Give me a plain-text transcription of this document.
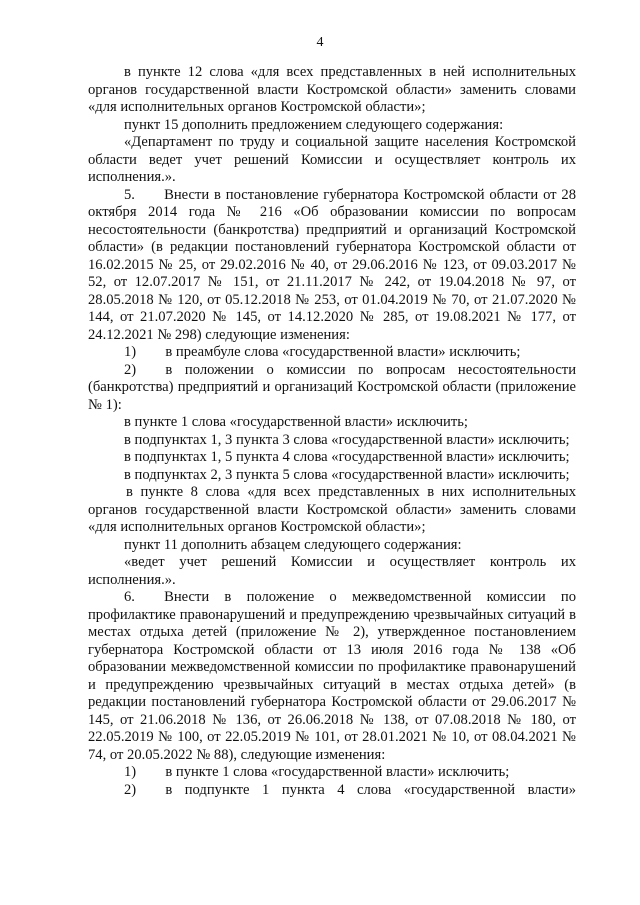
4

в пункте 12 слова «для всех представленных в ней исполнительных органов государственной власти Костромской области» заменить словами «для исполнительных органов Костромской области»;

пункт 15 дополнить предложением следующего содержания:

«Департамент по труду и социальной защите населения Костромской области ведет учет решений Комиссии и осуществляет контроль их исполнения.».

5.  Внести в постановление губернатора Костромской области от 28 октября 2014 года № 216 «Об образовании комиссии по вопросам несостоятельности (банкротства) предприятий и организаций Костромской области» (в редакции постановлений губернатора Костромской области от 16.02.2015 № 25, от 29.02.2016 № 40, от 29.06.2016 № 123, от 09.03.2017 № 52, от 12.07.2017 № 151, от 21.11.2017 № 242, от 19.04.2018 № 97, от 28.05.2018 № 120, от 05.12.2018 № 253, от 01.04.2019 № 70, от 21.07.2020 № 144, от 21.07.2020 № 145, от 14.12.2020 № 285, от 19.08.2021 № 177, от 24.12.2021 № 298) следующие изменения:

1)  в преамбуле слова «государственной власти» исключить;

2)  в положении о комиссии по вопросам несостоятельности (банкротства) предприятий и организаций Костромской области (приложение № 1):

в пункте 1 слова «государственной власти» исключить;

в подпунктах 1, 3 пункта 3 слова «государственной власти» исключить;

в подпунктах 1, 5 пункта 4 слова «государственной власти» исключить;

в подпунктах 2, 3 пункта 5 слова «государственной власти» исключить;

в пункте 8 слова «для всех представленных в них исполнительных органов государственной власти Костромской области» заменить словами «для исполнительных органов Костромской области»;

пункт 11 дополнить абзацем следующего содержания:

«ведет учет решений Комиссии и осуществляет контроль их исполнения.».

6.  Внести в положение о межведомственной комиссии по профилактике правонарушений и предупреждению чрезвычайных ситуаций в местах отдыха детей (приложение № 2), утвержденное постановлением губернатора Костромской области от 13 июля 2016 года № 138 «Об образовании межведомственной комиссии по профилактике правонарушений и предупреждению чрезвычайных ситуаций в местах отдыха детей» (в редакции постановлений губернатора Костромской области от 29.06.2017 № 145, от 21.06.2018 № 136, от 26.06.2018 № 138, от 07.08.2018 № 180, от 22.05.2019 № 100, от 22.05.2019 № 101, от 28.01.2021 № 10, от 08.04.2021 № 74, от 20.05.2022 № 88), следующие изменения:

1)  в пункте 1 слова «государственной власти» исключить;

2)  в подпункте 1 пункта 4 слова «государственной власти»
